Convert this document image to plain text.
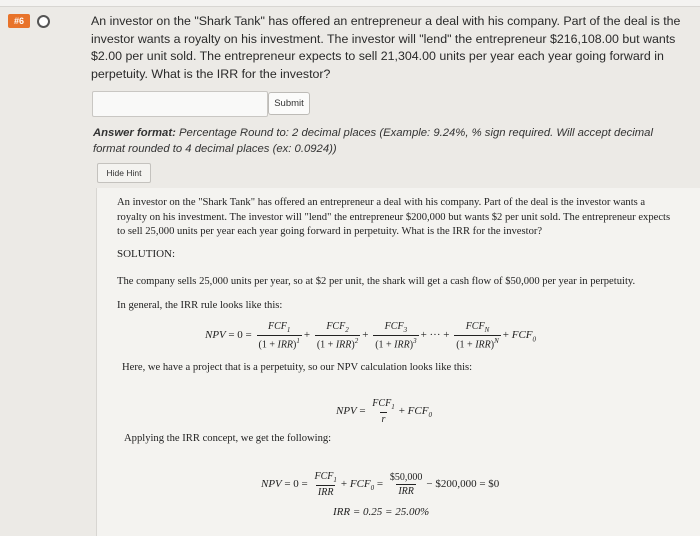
#6	An investor on the "Shark Tank" has offered an entrepreneur a deal with his company. Part of the deal is the investor wants a royalty on his investment. The investor will "lend" the entrepreneur $216,108.00 but wants $2.00 per unit sold. The entrepreneur expects to sell 21,304.00 units per year each year going forward in perpetuity. What is the IRR for the investor?
Submit
Answer format: Percentage Round to: 2 decimal places (Example: 9.24%, % sign required. Will accept decimal format rounded to 4 decimal places (ex: 0.0924))
Hide Hint
An investor on the "Shark Tank" has offered an entrepreneur a deal with his company. Part of the deal is the investor wants a royalty on his investment. The investor will "lend" the entrepreneur $200,000 but wants $2 per unit sold. The entrepreneur expects to sell 25,000 units per year each year going forward in perpetuity. What is the IRR for the investor?
SOLUTION:
The company sells 25,000 units per year, so at $2 per unit, the shark will get a cash flow of $50,000 per year in perpetuity.
In general, the IRR rule looks like this:
NPV = $0 = \frac{FCF_1}{(1 + IRR)^1} + \frac{FCF_2}{(1 + IRR)^2} + \frac{FCF_3}{(1 + IRR)^3}$ + ··· + $\frac{FCF_N}{(1 + IRR)^N} + FCF_0$
Here, we have a project that is a perpetuity, so our NPV calculation looks like this:
NPV = $\frac{FCF_1}{r} + FCF_0$
Applying the IRR concept, we get the following:
NPV = $0 = \frac{FCF_1}{\text{IRR}} + FCF_0 = \frac{\$50,000}{\text{IRR}}$ − $200,000 = $0
IRR = 0.25 = 25.00%
